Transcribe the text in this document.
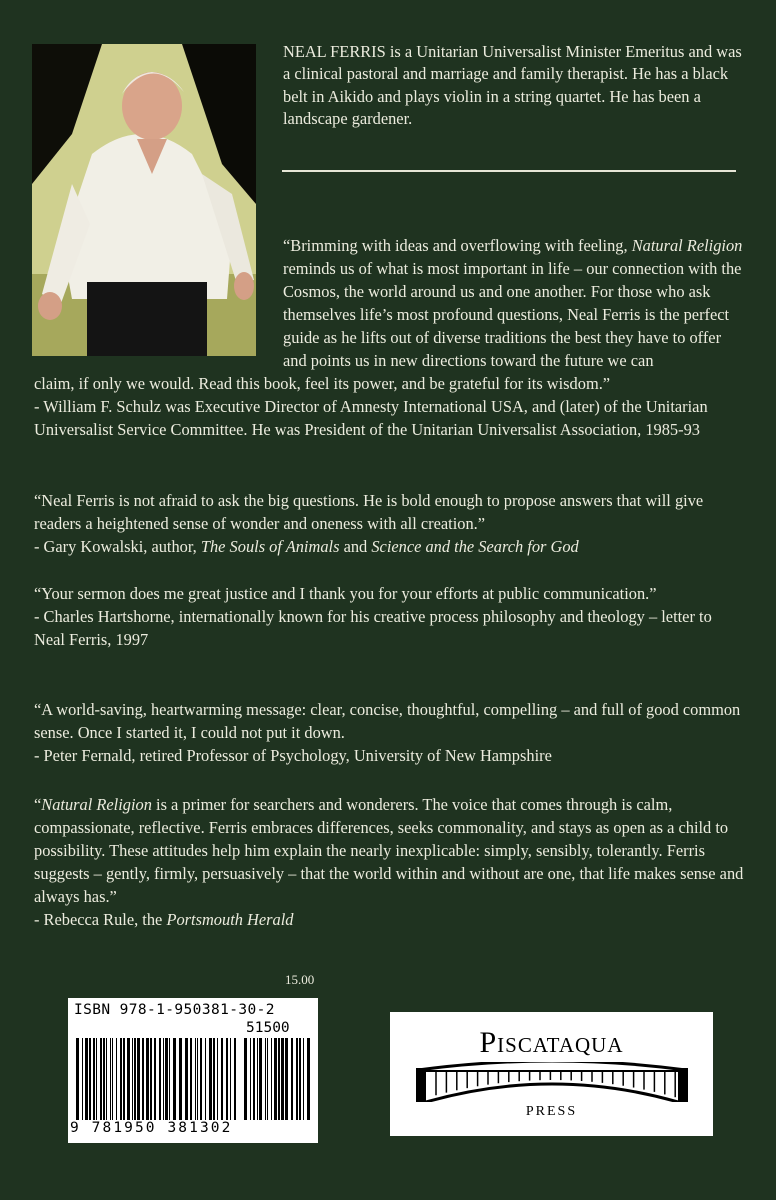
NEAL FERRIS is a Unitarian Universalist Minister Emeritus and was a clinical pastoral and marriage and family therapist. He has a black belt in Aikido and plays violin in a string quartet. He has been a landscape gardener.

“Brimming with ideas and overflowing with feeling, Natural Religion reminds us of what is most important in life – our connection with the Cosmos, the world around us and one another. For those who ask themselves life’s most profound questions, Neal Ferris is the perfect guide as he lifts out of diverse traditions the best they have to offer and points us in new directions toward the future we can

claim, if only we would. Read this book, feel its power, and be grateful for its wisdom.”
- William F. Schulz was Executive Director of Amnesty International USA, and (later) of the Unitarian Universalist Service Committee. He was President of the Unitarian Universalist Association, 1985-93
“Neal Ferris is not afraid to ask the big questions. He is bold enough to propose answers that will give readers a heightened sense of wonder and oneness with all creation.”
- Gary Kowalski, author, The Souls of Animals and Science and the Search for God
“Your sermon does me great justice and I thank you for your efforts at public communication.”
- Charles Hartshorne, internationally known for his creative process philosophy and theology – letter to Neal Ferris, 1997
“A world-saving, heartwarming message: clear, concise, thoughtful, compelling – and full of good common sense. Once I started it, I could not put it down.
- Peter Fernald, retired Professor of Psychology, University of New Hampshire
“Natural Religion is a primer for searchers and wonderers. The voice that comes through is calm, compassionate, reflective. Ferris embraces differences, seeks commonality, and stays as open as a child to possibility. These attitudes help him explain the nearly inexplicable: simply, sensibly, tolerantly. Ferris suggests – gently, firmly, persuasively – that the world within and without are one, that life makes sense and always has.”
- Rebecca Rule, the Portsmouth Herald
15.00
ISBN 978-1-950381-30-2
51500
9 781950 381302
Piscataqua
PRESS
